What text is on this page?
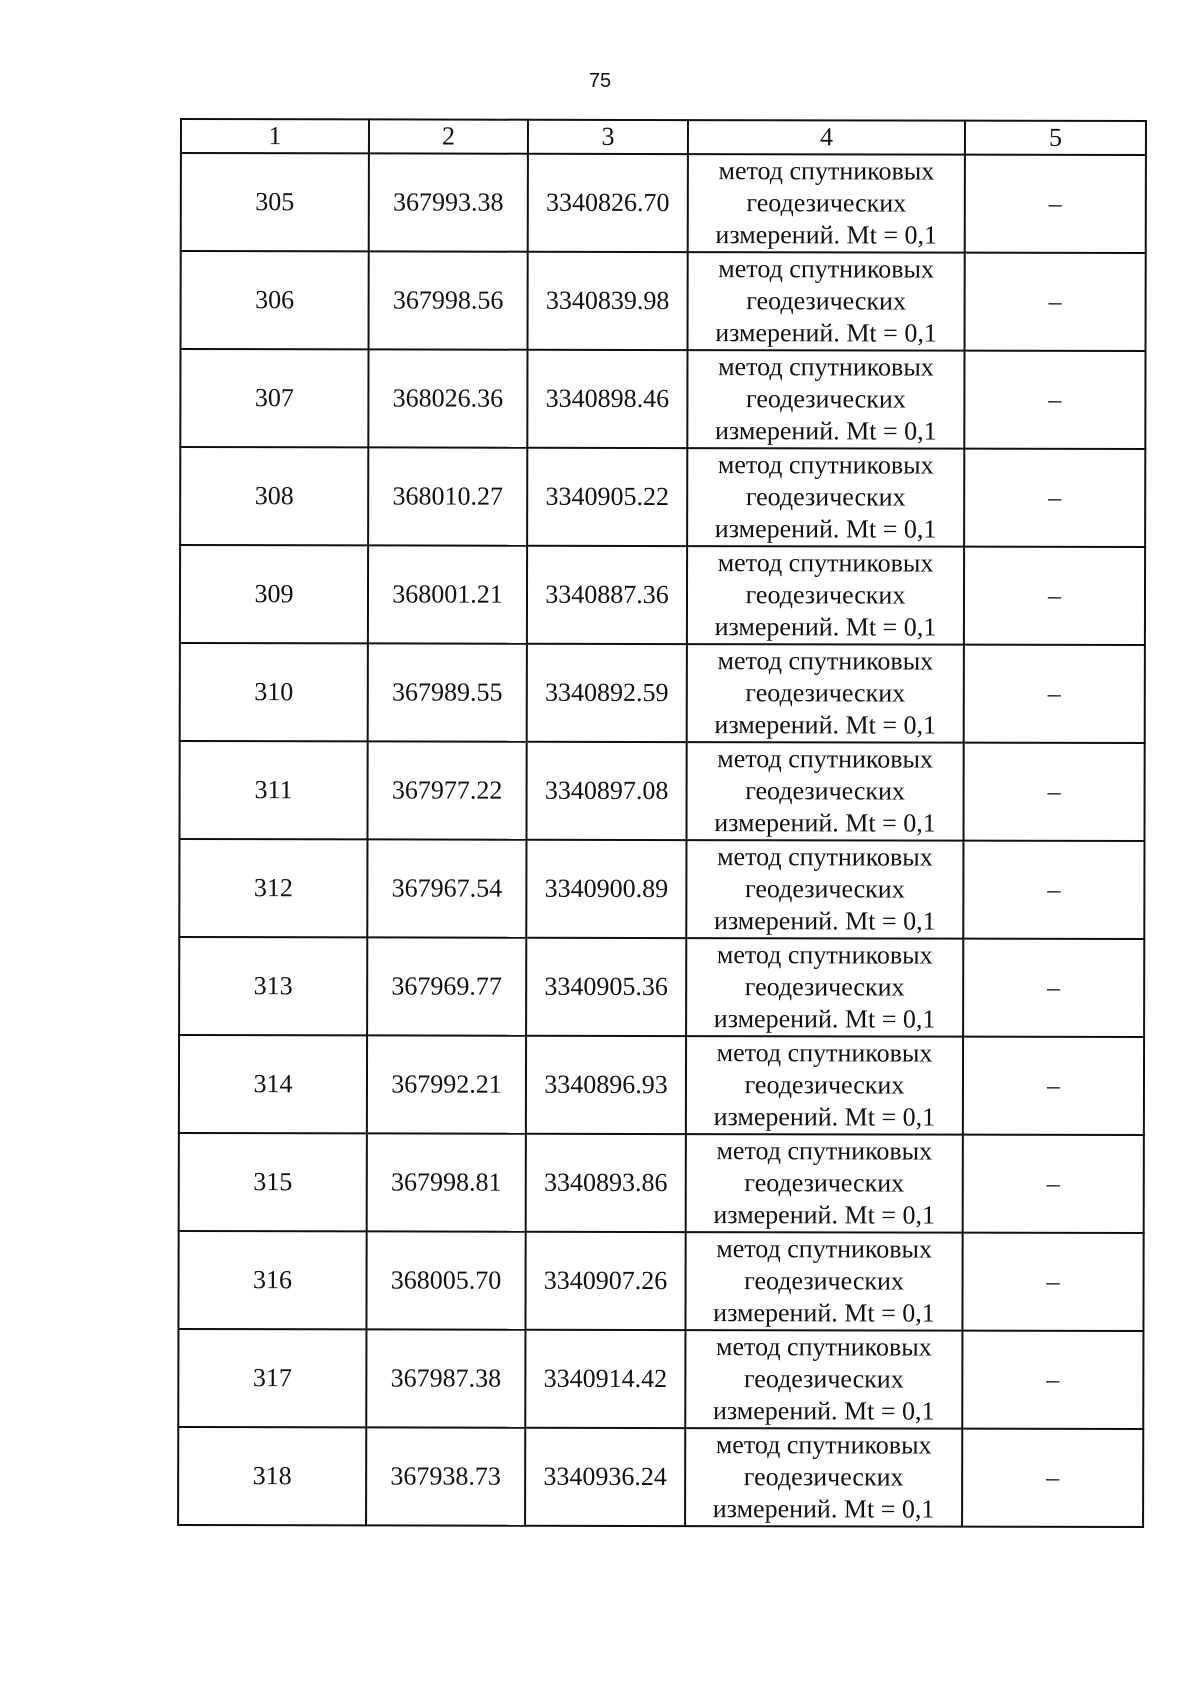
75
1	2	3	4	5
305	367993.38	3340826.70	метод спутниковых геодезических измерений. Mt = 0,1	–
306	367998.56	3340839.98	метод спутниковых геодезических измерений. Mt = 0,1	–
307	368026.36	3340898.46	метод спутниковых геодезических измерений. Mt = 0,1	–
308	368010.27	3340905.22	метод спутниковых геодезических измерений. Mt = 0,1	–
309	368001.21	3340887.36	метод спутниковых геодезических измерений. Mt = 0,1	–
310	367989.55	3340892.59	метод спутниковых геодезических измерений. Mt = 0,1	–
311	367977.22	3340897.08	метод спутниковых геодезических измерений. Mt = 0,1	–
312	367967.54	3340900.89	метод спутниковых геодезических измерений. Mt = 0,1	–
313	367969.77	3340905.36	метод спутниковых геодезических измерений. Mt = 0,1	–
314	367992.21	3340896.93	метод спутниковых геодезических измерений. Mt = 0,1	–
315	367998.81	3340893.86	метод спутниковых геодезических измерений. Mt = 0,1	–
316	368005.70	3340907.26	метод спутниковых геодезических измерений. Mt = 0,1	–
317	367987.38	3340914.42	метод спутниковых геодезических измерений. Mt = 0,1	–
318	367938.73	3340936.24	метод спутниковых геодезических измерений. Mt = 0,1	–
